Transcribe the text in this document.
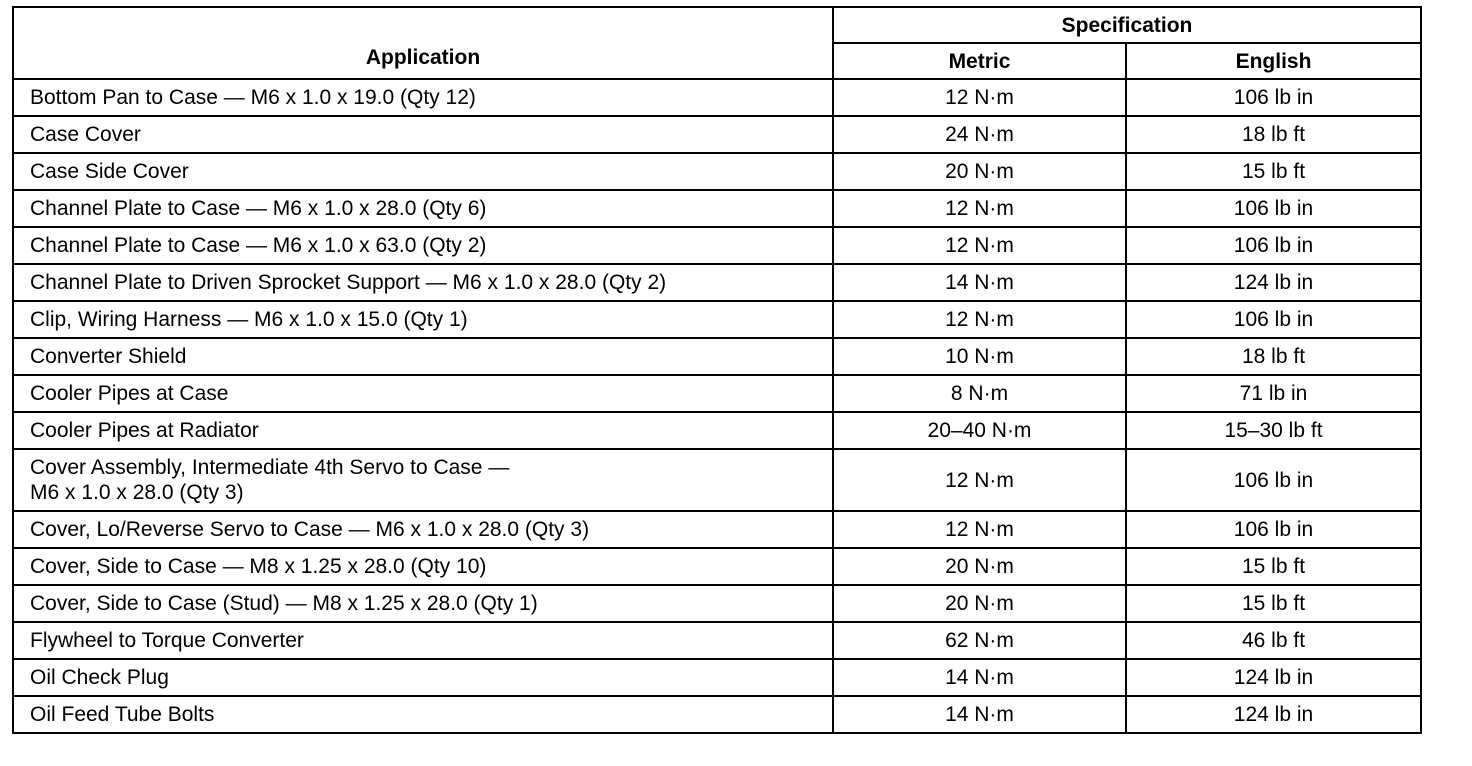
Application	Specification	
	Metric	English
Bottom Pan to Case — M6 x 1.0 x 19.0 (Qty 12)	12 N·m	106 lb in
Case Cover	24 N·m	18 lb ft
Case Side Cover	20 N·m	15 lb ft
Channel Plate to Case — M6 x 1.0 x 28.0 (Qty 6)	12 N·m	106 lb in
Channel Plate to Case — M6 x 1.0 x 63.0 (Qty 2)	12 N·m	106 lb in
Channel Plate to Driven Sprocket Support — M6 x 1.0 x 28.0 (Qty 2)	14 N·m	124 lb in
Clip, Wiring Harness — M6 x 1.0 x 15.0 (Qty 1)	12 N·m	106 lb in
Converter Shield	10 N·m	18 lb ft
Cooler Pipes at Case	8 N·m	71 lb in
Cooler Pipes at Radiator	20–40 N·m	15–30 lb ft
Cover Assembly, Intermediate 4th Servo to Case —
M6 x 1.0 x 28.0 (Qty 3)	12 N·m	106 lb in
Cover, Lo/Reverse Servo to Case — M6 x 1.0 x 28.0 (Qty 3)	12 N·m	106 lb in
Cover, Side to Case — M8 x 1.25 x 28.0 (Qty 10)	20 N·m	15 lb ft
Cover, Side to Case (Stud) — M8 x 1.25 x 28.0 (Qty 1)	20 N·m	15 lb ft
Flywheel to Torque Converter	62 N·m	46 lb ft
Oil Check Plug	14 N·m	124 lb in
Oil Feed Tube Bolts	14 N·m	124 lb in
